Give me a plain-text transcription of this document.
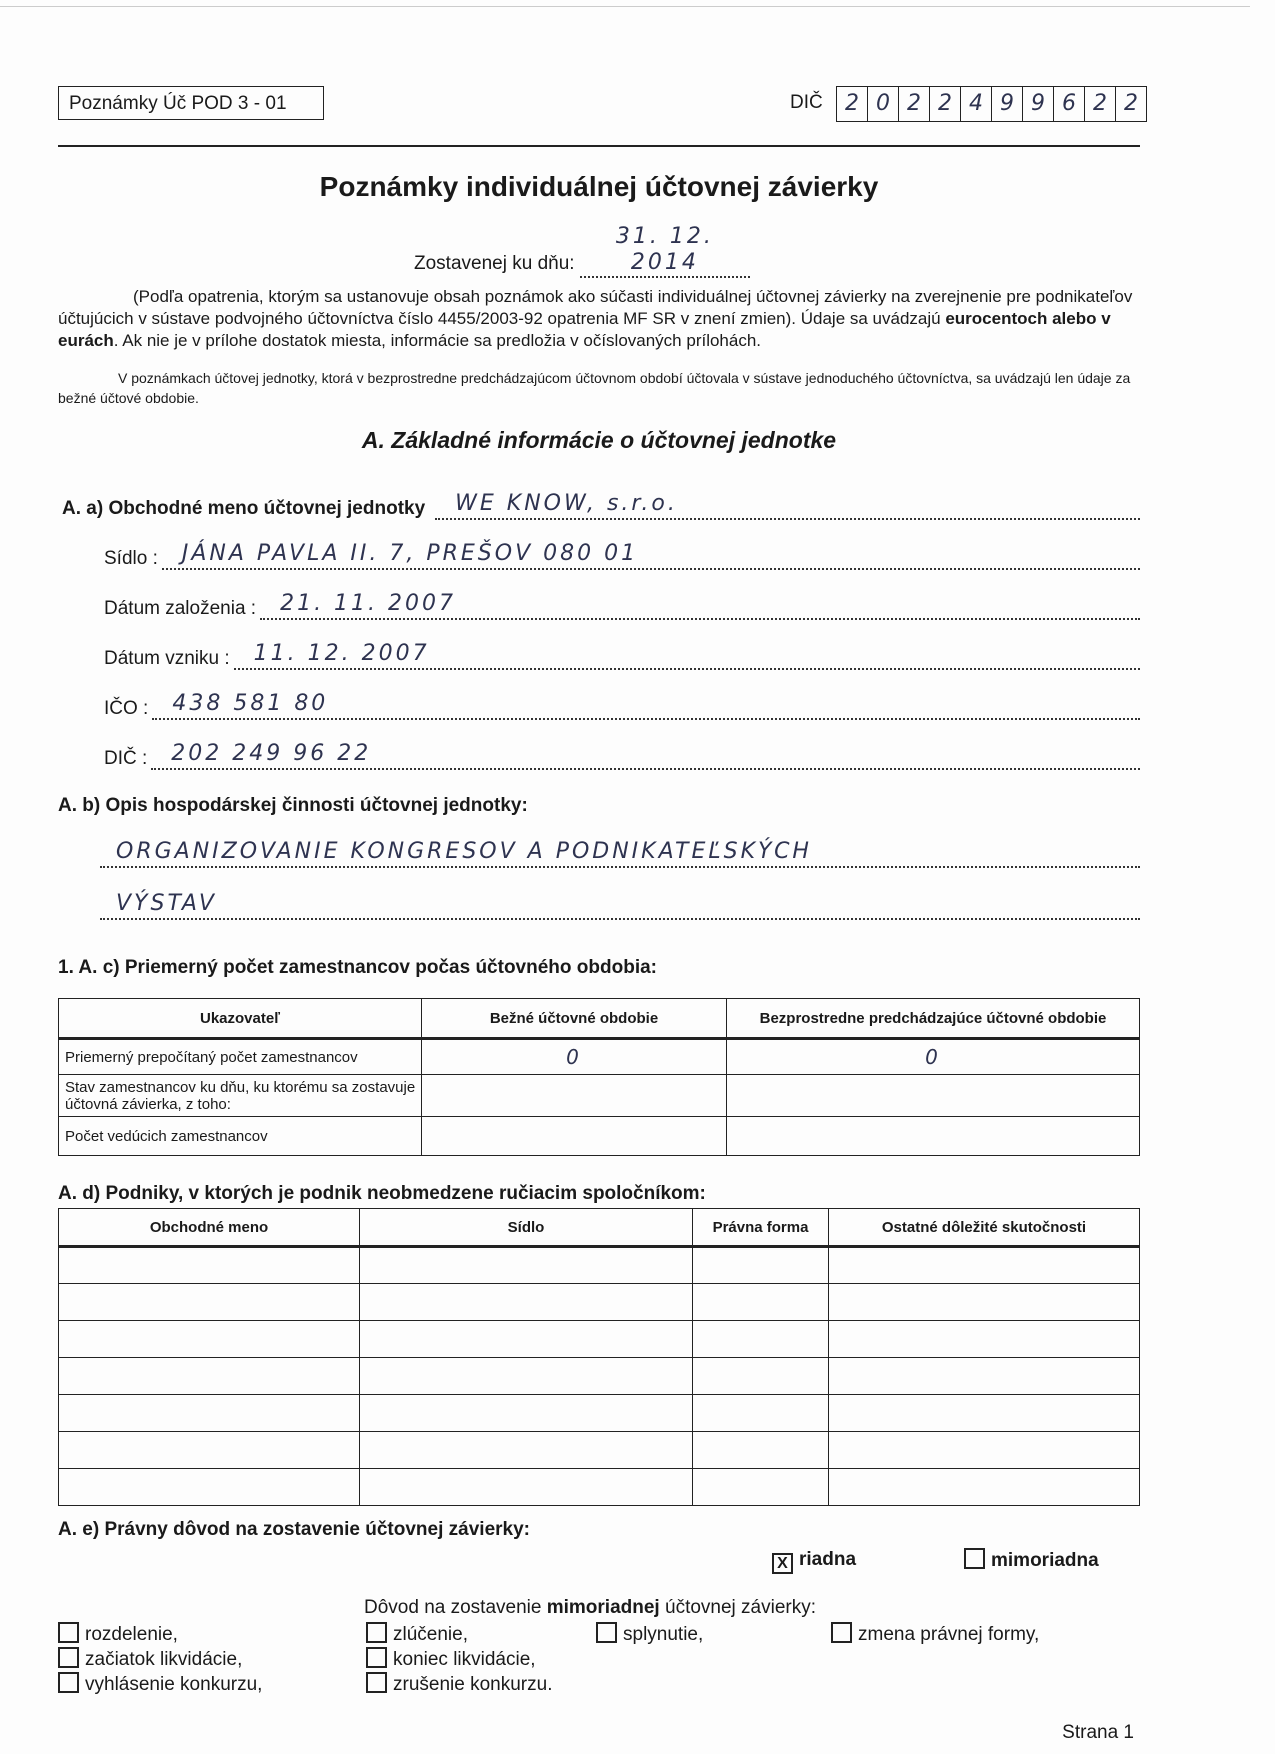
Poznámky Úč POD 3 - 01	DIČ	2 0 2 2 4 9 9 6 2 2
Poznámky individuálnej účtovnej závierky
Zostavenej ku dňu: 31. 12. 2014

(Podľa opatrenia, ktorým sa ustanovuje obsah poznámok ako súčasti individuálnej účtovnej závierky na zverejnenie pre podnikateľov účtujúcich v sústave podvojného účtovníctva číslo 4455/2003-92 opatrenia MF SR v znení zmien). Údaje sa uvádzajú eurocentoch alebo v eurách. Ak nie je v prílohe dostatok miesta, informácie sa predložia v očíslovaných prílohách.

V poznámkach účtovej jednotky, ktorá v bezprostredne predchádzajúcom účtovnom období účtovala v sústave jednoduchého účtovníctva, sa uvádzajú len údaje za bežné účtové obdobie.

A. Základné informácie o účtovnej jednotke
A. a) Obchodné meno účtovnej jednotky	WE KNOW, s.r.o.
Sídlo :	JÁNA PAVLA II. 7, PREŠOV 080 01
Dátum založenia :	21. 11. 2007
Dátum vzniku :	11. 12. 2007
IČO :	438 581 80
DIČ :	202 249 96 22
A. b) Opis hospodárskej činnosti účtovnej jednotky:
ORGANIZOVANIE KONGRESOV A PODNIKATEĽSKÝCH
VÝSTAV
1. A. c) Priemerný počet zamestnancov počas účtovného obdobia:
Ukazovateľ	Bežné účtovné obdobie	Bezprostredne predchádzajúce účtovné obdobie
Priemerný prepočítaný počet zamestnancov	0	0
Stav zamestnancov ku dňu, ku ktorému sa zostavuje účtovná závierka, z toho:		
Počet vedúcich zamestnancov		
A. d) Podniky, v ktorých je podnik neobmedzene ručiacim spoločníkom:
Obchodné meno	Sídlo	Právna forma	Ostatné dôležité skutočnosti

A. e) Právny dôvod na zostavenie účtovnej závierky:
X riadna	mimoriadna
Dôvod na zostavenie mimoriadnej účtovnej závierky:
rozdelenie,
začiatok likvidácie,
vyhlásenie konkurzu,
zlúčenie,
koniec likvidácie,
zrušenie konkurzu.
splynutie,	zmena právnej formy,
Strana 1
